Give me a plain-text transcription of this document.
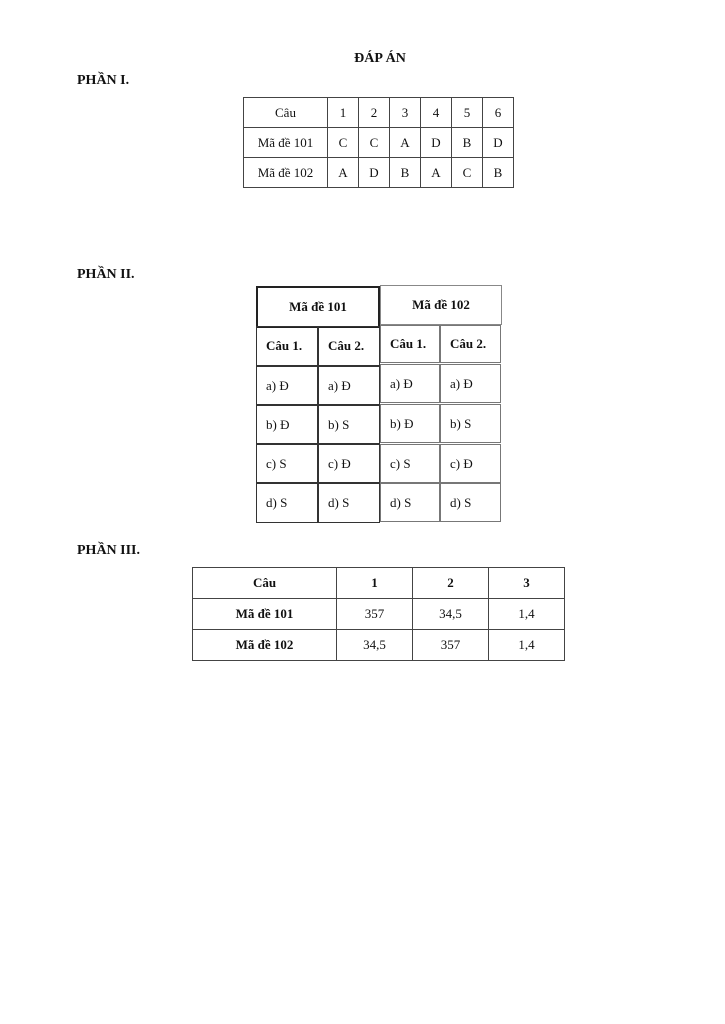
ĐÁP ÁN
PHẦN I.
Câu	1	2	3	4	5	6
Mã đề 101	C	C	A	D	B	D
Mã đề 102	A	D	B	A	C	B
PHẦN II.
Mã đề 101
Câu 1.	Câu 2.
a) Đ	a) Đ
b) Đ	b) S
c) S	c) Đ
d) S	d) S
Mã đề 102
Câu 1.	Câu 2.
a) Đ	a) Đ
b) Đ	b) S
c) S	c) Đ
d) S	d) S
PHẦN III.
Câu	1	2	3
Mã đề 101	357	34,5	1,4
Mã đề 102	34,5	357	1,4
